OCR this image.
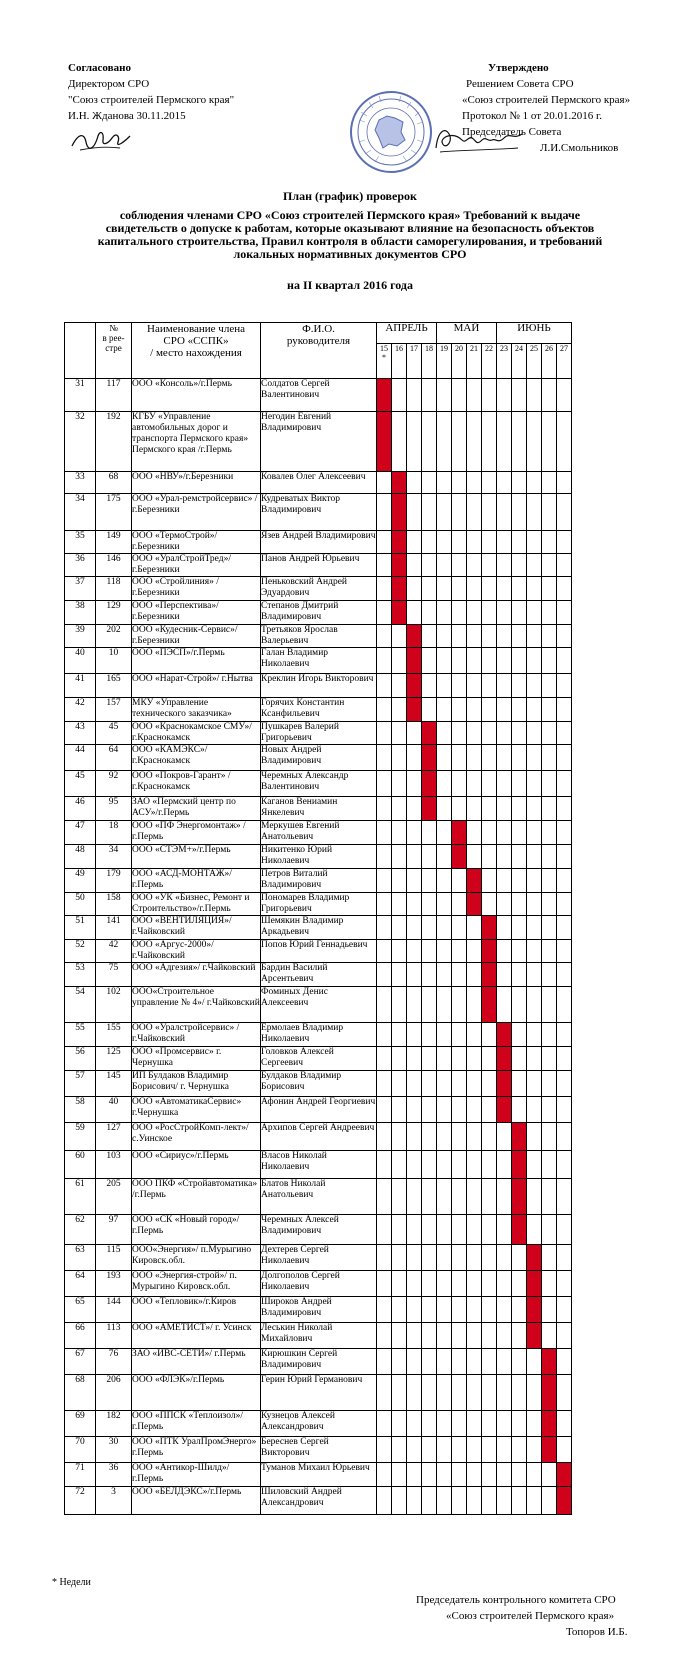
Согласовано
Директором СРО
"Союз строителей Пермского края"
И.Н. Жданова 30.11.2015
Утверждено
Решением Совета СРО
«Союз строителей Пермского края»
Протокол № 1 от 20.01.2016 г.
Председатель Совета
Л.И.Смольников
План (график) проверок
соблюдения членами СРО «Союз строителей Пермского края» Требований к выдаче
свидетельств о допуске к работам, которые оказывают влияние на безопасность объектов
капитального строительства, Правил контроля в области саморегулирования, и требований
локальных нормативных документов СРО
на II квартал 2016 года
	№
в рее-
стре	Наименование члена
СРО «ССПК»
/ место нахождения	Ф.И.О.
руководителя	АПРЕЛЬ				МАЙ				ИЮНЬ				
				15
*	16	17	18	19	20	21	22	23	24	25	26	27
31	117	ООО «Консоль»/г.Пермь	Солдатов Сергей Валентинович													
32	192	КГБУ «Управление автомобильных дорог и транспорта Пермского края» Пермского края /г.Пермь	Негодин Евгений Владимирович													
33	68	ООО «НВУ»/г.Березники	Ковалев Олег Алексеевич													
34	175	ООО «Урал-ремстройсервис» /г.Березники	Кудреватых Виктор Владимирович													
35	149	ООО «ТермоСтрой»/ г.Березники	Язев Андрей Владимирович													
36	146	ООО «УралСтройТред»/ г.Березники	Панов Андрей Юрьевич													
37	118	ООО «Стройлиния» /г.Березники	Пеньковский Андрей Эдуардович													
38	129	ООО «Перспектива»/ г.Березники	Степанов Дмитрий Владимирович													
39	202	ООО «Кудесник-Сервис»/г.Березники	Третьяков Ярослав Валерьевич													
40	10	ООО «ПЭСП»/г.Пермь	Галан Владимир Николаевич													
41	165	ООО «Нарат-Строй»/ г.Нытва	Креклин Игорь Викторович													
42	157	МКУ «Управление технического заказчика»	Горячих Константин Ксанфильевич													
43	45	ООО «Краснокамское СМУ»/г.Краснокамск	Пушкарев Валерий Григорьевич													
44	64	ООО «КАМЭКС»/ г.Краснокамск	Новых Андрей Владимирович													
45	92	ООО «Покров-Гарант» /г.Краснокамск	Черемных Александр Валентинович													
46	95	ЗАО «Пермский центр по АСУ»/г.Пермь	Каганов Вениамин Янкелевич													
47	18	ООО «ПФ Энергомонтаж» / г.Пермь	Меркушев Евгений Анатольевич													
48	34	ООО «СТЭМ+»/г.Пермь	Никитенко Юрий Николаевич													
49	179	ООО «АСД-МОНТАЖ»/ г.Пермь	Петров Виталий Владимирович													
50	158	ООО «УК «Бизнес, Ремонт и Строительство»/г.Пермь	Пономарев Владимир Григорьевич													
51	141	ООО «ВЕНТИЛЯЦИЯ»/ г.Чайковский	Шемякин Владимир Аркадьевич													
52	42	ООО «Аргус-2000»/ г.Чайковский	Попов Юрий Геннадьевич													
53	75	ООО «Адгезия»/ г.Чайковский	Бардин Василий Арсентьевич													
54	102	ООО«Строительное управление № 4»/ г.Чайковский	Фоминых Денис Алексеевич													
55	155	ООО «Уралстройсервис» /г.Чайковский	Ермолаев Владимир Николаевич													
56	125	ООО «Промсервис» г. Чернушка	Головков Алексей Сергеевич													
57	145	ИП Булдаков Владимир Борисович/ г. Чернушка	Булдаков Владимир Борисович													
58	40	ООО «АвтоматикаСервис» г.Чернушка	Афонин Андрей Георгиевич													
59	127	ООО «РосСтройКомп-лект»/с.Уинское	Архипов Сергей Андреевич													
60	103	ООО «Сириус»/г.Пермь	Власов Николай Николаевич													
61	205	ООО ПКФ «Стройавтоматика» /г.Пермь	Блатов Николай Анатольевич													
62	97	ООО «СК «Новый город»/г.Пермь	Черемных Алексей Владимирович													
63	115	ООО«Энергия»/ п.Мурыгино Кировск.обл.	Дехтерев Сергей Николаевич													
64	193	ООО «Энергия-строй»/ п. Мурыгино Кировск.обл.	Долгополов Сергей Николаевич													
65	144	ООО «Тепловик»/г.Киров	Широков Андрей Владимирович													
66	113	ООО «АМЕТИСТ»/ г. Усинск	Леськин Николай Михайлович													
67	76	ЗАО «ИВС-СЕТИ»/ г.Пермь	Кирюшкин Сергей Владимирович													
68	206	ООО «ФЛЭК»/г.Пермь	Герин Юрий Германович													
69	182	ООО «ППСК «Теплоизол»/г.Пермь	Кузнецов Алексей Александрович													
70	30	ООО «ПТК УралПромЭнерго» г.Пермь	Береснев Сергей Викторович													
71	36	ООО «Антикор-Шилд»/ г.Пермь	Туманов Михаил Юрьевич													
72	3	ООО «БЕЛДЭКС»/г.Пермь	Шиловский Андрей Александрович													
* Недели
Председатель контрольного комитета СРО
«Союз строителей Пермского края»
Топоров И.Б.
